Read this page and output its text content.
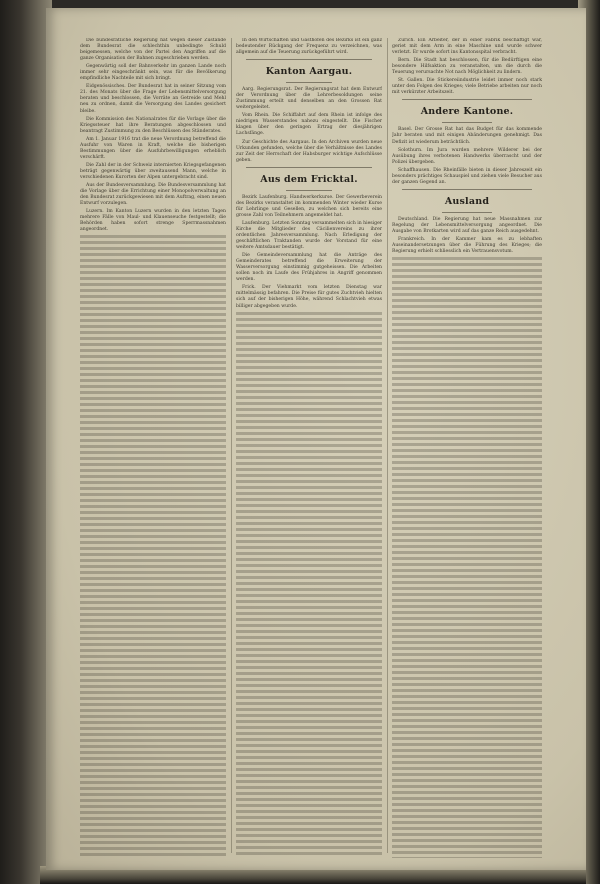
Die bundesrätliche Regierung hat wegen dieser Zustände dem Bundesrat die schlechthin unbedingte Schuld beigemessen, welche von der Partei den Angriffen auf die ganze Organisation der Bahnen zugeschrieben werden.

Gegenwärtig soll der Bahnverkehr im ganzen Lande noch immer sehr eingeschränkt sein, was für die Bevölkerung empfindliche Nachteile mit sich bringt.

Eidgenössisches. Der Bundesrat hat in seiner Sitzung vom 21. des Monats über die Frage der Lebensmittelversorgung beraten und beschlossen, die Vorräte an Getreide und Mehl neu zu ordnen, damit die Versorgung des Landes gesichert bleibe.

Die Kommission des Nationalrates für die Vorlage über die Kriegssteuer hat ihre Beratungen abgeschlossen und beantragt Zustimmung zu den Beschlüssen des Ständerates.

Am 1. Januar 1916 trat die neue Verordnung betreffend die Ausfuhr von Waren in Kraft, welche die bisherigen Bestimmungen über die Ausfuhrbewilligungen erheblich verschärft.

Die Zahl der in der Schweiz internierten Kriegsgefangenen beträgt gegenwärtig über zweitausend Mann, welche in verschiedenen Kurorten der Alpen untergebracht sind.

Aus der Bundesversammlung. Die Bundesversammlung hat die Vorlage über die Errichtung einer Monopolverwaltung an den Bundesrat zurückgewiesen mit dem Auftrag, einen neuen Entwurf vorzulegen.

Luzern. Im Kanton Luzern wurden in den letzten Tagen mehrere Fälle von Maul- und Klauenseuche festgestellt; die Behörden haben sofort strenge Sperrmassnahmen angeordnet.

In den Wirtschaften und Gasthöfen des Bezirks ist ein ganz bedeutender Rückgang der Frequenz zu verzeichnen, was allgemein auf die Teuerung zurückgeführt wird.

Kanton Aargau.

Aarg. Regierungsrat. Der Regierungsrat hat dem Entwurf der Verordnung über die Lehrerbesoldungen seine Zustimmung erteilt und denselben an den Grossen Rat weitergeleitet.

Vom Rhein. Die Schiffahrt auf dem Rhein ist infolge des niedrigen Wasserstandes nahezu eingestellt. Die Fischer klagen über den geringen Ertrag der diesjährigen Lachsfänge.

Zur Geschichte des Aargaus. In den Archiven wurden neue Urkunden gefunden, welche über die Verhältnisse des Landes zur Zeit der Herrschaft der Habsburger wichtige Aufschlüsse geben.

Aus dem Fricktal.

Bezirk Laufenburg. Handwerkerkurse. Der Gewerbeverein des Bezirks veranstaltet im kommenden Winter wieder Kurse für Lehrlinge und Gesellen, zu welchen sich bereits eine grosse Zahl von Teilnehmern angemeldet hat.

Laufenburg. Letzten Sonntag versammelten sich in hiesiger Kirche die Mitglieder des Cäcilienvereins zu ihrer ordentlichen Jahresversammlung. Nach Erledigung der geschäftlichen Traktanden wurde der Vorstand für eine weitere Amtsdauer bestätigt.

Die Gemeindeversammlung hat die Anträge des Gemeinderates betreffend die Erweiterung der Wasserversorgung einstimmig gutgeheissen. Die Arbeiten sollen noch im Laufe des Frühjahres in Angriff genommen werden.

Frick. Der Viehmarkt vom letzten Dienstag war mittelmässig befahren. Die Preise für gutes Zuchtvieh hielten sich auf der bisherigen Höhe, während Schlachtvieh etwas billiger abgegeben wurde.

Zürich. Ein Arbeiter, der in einer Fabrik beschäftigt war, geriet mit dem Arm in eine Maschine und wurde schwer verletzt. Er wurde sofort ins Kantonsspital verbracht.

Bern. Die Stadt hat beschlossen, für die Bedürftigen eine besondere Hilfsaktion zu veranstalten, um die durch die Teuerung verursachte Not nach Möglichkeit zu lindern.

St. Gallen. Die Stickereiindustrie leidet immer noch stark unter den Folgen des Krieges; viele Betriebe arbeiten nur noch mit verkürzter Arbeitszeit.

Andere Kantone.

Basel. Der Grosse Rat hat das Budget für das kommende Jahr beraten und mit einigen Abänderungen genehmigt. Das Defizit ist wiederum beträchtlich.

Solothurn. Im Jura wurden mehrere Wilderer bei der Ausübung ihres verbotenen Handwerks überrascht und der Polizei übergeben.

Schaffhausen. Die Rheinfälle bieten in dieser Jahreszeit ein besonders prächtiges Schauspiel und ziehen viele Besucher aus der ganzen Gegend an.

Ausland

Deutschland. Die Regierung hat neue Massnahmen zur Regelung der Lebensmittelversorgung angeordnet. Die Ausgabe von Brotkarten wird auf das ganze Reich ausgedehnt.

Frankreich. In der Kammer kam es zu lebhaften Auseinandersetzungen über die Führung des Krieges; die Regierung erhielt schliesslich ein Vertrauensvotum.
